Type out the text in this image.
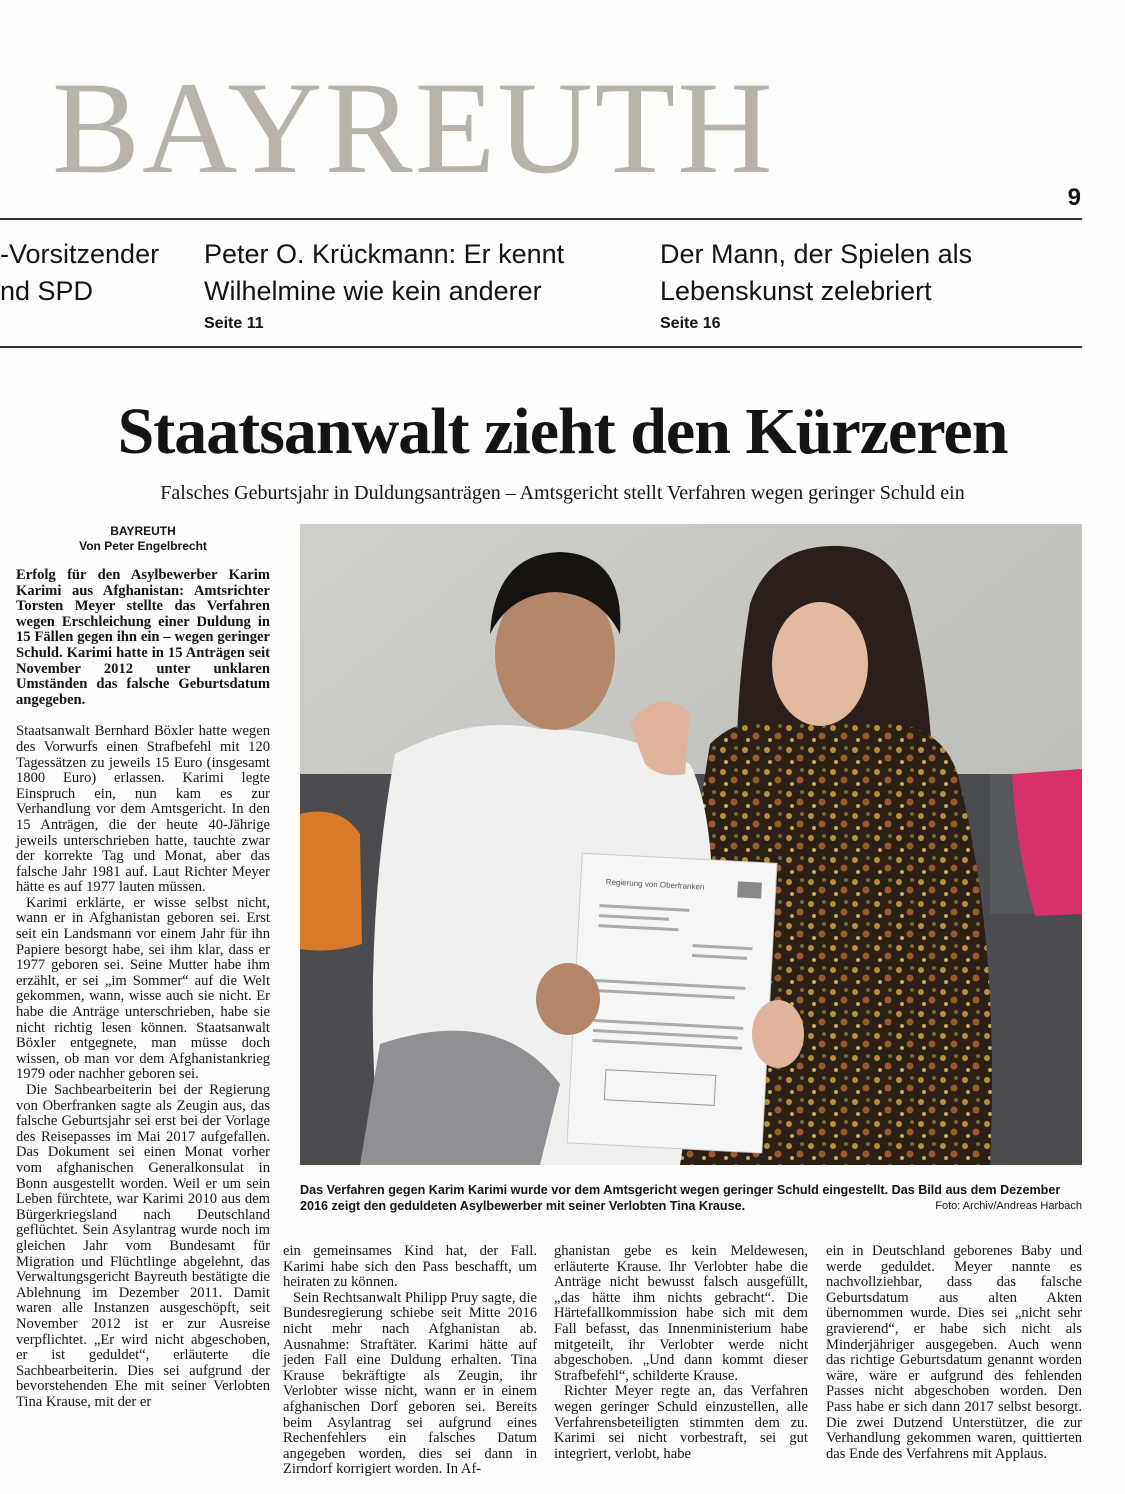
BAYREUTH	9
-Vorsitzender
nd SPD
Peter O. Krückmann: Er kennt
Wilhelmine wie kein anderer
Seite 11
Der Mann, der Spielen als
Lebenskunst zelebriert
Seite 16
Staatsanwalt zieht den Kürzeren
Falsches Geburtsjahr in Duldungsanträgen – Amtsgericht stellt Verfahren wegen geringer Schuld ein
BAYREUTH
Von Peter Engelbrecht

Erfolg für den Asylbewerber Karim Karimi aus Afghanistan: Amtsrichter Torsten Meyer stellte das Verfahren wegen Erschleichung einer Duldung in 15 Fällen gegen ihn ein – wegen geringer Schuld. Karimi hatte in 15 Anträgen seit November 2012 unter unklaren Umständen das falsche Geburtsdatum angegeben.

Staatsanwalt Bernhard Böxler hatte wegen des Vorwurfs einen Strafbefehl mit 120 Tagessätzen zu jeweils 15 Euro (insgesamt 1800 Euro) erlassen. Karimi legte Einspruch ein, nun kam es zur Verhandlung vor dem Amtsgericht. In den 15 Anträgen, die der heute 40-Jährige jeweils unterschrieben hatte, tauchte zwar der korrekte Tag und Monat, aber das falsche Jahr 1981 auf. Laut Richter Meyer hätte es auf 1977 lauten müssen.

Karimi erklärte, er wisse selbst nicht, wann er in Afghanistan geboren sei. Erst seit ein Landsmann vor einem Jahr für ihn Papiere besorgt habe, sei ihm klar, dass er 1977 geboren sei. Seine Mutter habe ihm erzählt, er sei „im Sommer“ auf die Welt gekommen, wann, wisse auch sie nicht. Er habe die Anträge unterschrieben, habe sie nicht richtig lesen können. Staatsanwalt Böxler entgegnete, man müsse doch wissen, ob man vor dem Afghanistankrieg 1979 oder nachher geboren sei.

Die Sachbearbeiterin bei der Regierung von Oberfranken sagte als Zeugin aus, das falsche Geburtsjahr sei erst bei der Vorlage des Reisepasses im Mai 2017 aufgefallen. Das Dokument sei einen Monat vorher vom afghanischen Generalkonsulat in Bonn ausgestellt worden. Weil er um sein Leben fürchtete, war Karimi 2010 aus dem Bürgerkriegsland nach Deutschland geflüchtet. Sein Asylantrag wurde noch im gleichen Jahr vom Bundesamt für Migration und Flüchtlinge abgelehnt, das Verwaltungsgericht Bayreuth bestätigte die Ablehnung im Dezember 2011. Damit waren alle Instanzen ausgeschöpft, seit November 2012 ist er zur Ausreise verpflichtet. „Er wird nicht abgeschoben, er ist geduldet“, erläuterte die Sachbearbeiterin. Dies sei aufgrund der bevorstehenden Ehe mit seiner Verlobten Tina Krause, mit der er

Regierung von Oberfranken
Das Verfahren gegen Karim Karimi wurde vor dem Amtsgericht wegen geringer Schuld eingestellt. Das Bild aus dem Dezember 2016 zeigt den geduldeten Asylbewerber mit seiner Verlobten Tina Krause.	Foto: Archiv/Andreas Harbach

ein gemeinsames Kind hat, der Fall. Karimi habe sich den Pass beschafft, um heiraten zu können.

Sein Rechtsanwalt Philipp Pruy sagte, die Bundesregierung schiebe seit Mitte 2016 nicht mehr nach Afghanistan ab. Ausnahme: Straftäter. Karimi hätte auf jeden Fall eine Duldung erhalten. Tina Krause bekräftigte als Zeugin, ihr Verlobter wisse nicht, wann er in einem afghanischen Dorf geboren sei. Bereits beim Asylantrag sei aufgrund eines Rechenfehlers ein falsches Datum angegeben worden, dies sei dann in Zirndorf korrigiert worden. In Af-

ghanistan gebe es kein Meldewesen, erläuterte Krause. Ihr Verlobter habe die Anträge nicht bewusst falsch ausgefüllt, „das hätte ihm nichts gebracht“. Die Härtefallkommission habe sich mit dem Fall befasst, das Innenministerium habe mitgeteilt, ihr Verlobter werde nicht abgeschoben. „Und dann kommt dieser Strafbefehl“, schilderte Krause.

Richter Meyer regte an, das Verfahren wegen geringer Schuld einzustellen, alle Verfahrensbeteiligten stimmten dem zu. Karimi sei nicht vorbestraft, sei gut integriert, verlobt, habe

ein in Deutschland geborenes Baby und werde geduldet. Meyer nannte es nachvollziehbar, dass das falsche Geburtsdatum aus alten Akten übernommen wurde. Dies sei „nicht sehr gravierend“, er habe sich nicht als Minderjähriger ausgegeben. Auch wenn das richtige Geburtsdatum genannt worden wäre, wäre er aufgrund des fehlenden Passes nicht abgeschoben worden. Den Pass habe er sich dann 2017 selbst besorgt. Die zwei Dutzend Unterstützer, die zur Verhandlung gekommen waren, quittierten das Ende des Verfahrens mit Applaus.
